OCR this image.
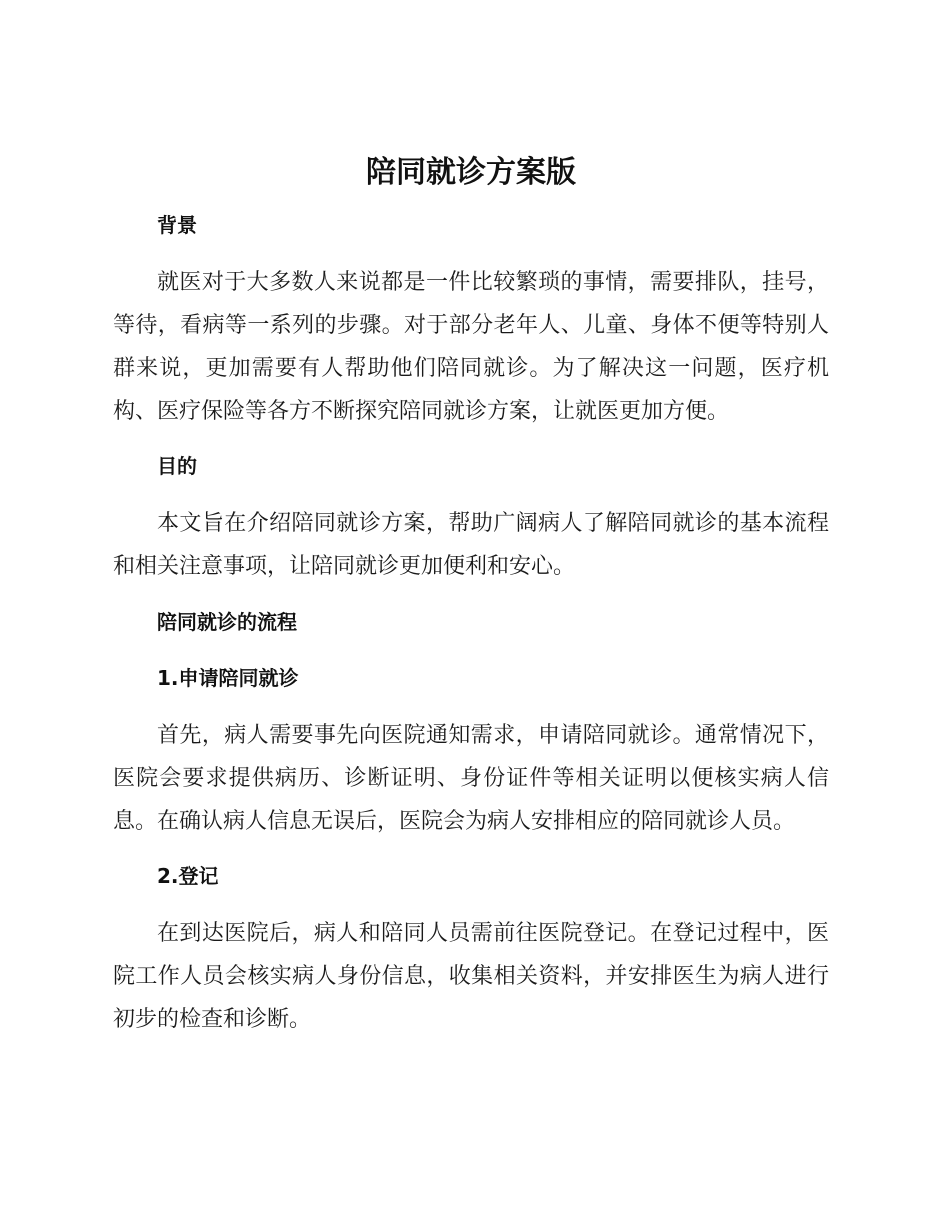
陪同就诊方案版
背景

就医对于大多数人来说都是一件比较繁琐的事情，需要排队，挂号，等待，看病等一系列的步骤。对于部分老年人、儿童、身体不便等特别人群来说，更加需要有人帮助他们陪同就诊。为了解决这一问题，医疗机构、医疗保险等各方不断探究陪同就诊方案，让就医更加方便。

目的

本文旨在介绍陪同就诊方案，帮助广阔病人了解陪同就诊的基本流程和相关注意事项，让陪同就诊更加便利和安心。

陪同就诊的流程
1.申请陪同就诊

首先，病人需要事先向医院通知需求，申请陪同就诊。通常情况下，医院会要求提供病历、诊断证明、身份证件等相关证明以便核实病人信息。在确认病人信息无误后，医院会为病人安排相应的陪同就诊人员。

2.登记

在到达医院后，病人和陪同人员需前往医院登记。在登记过程中，医院工作人员会核实病人身份信息，收集相关资料，并安排医生为病人进行初步的检查和诊断。
